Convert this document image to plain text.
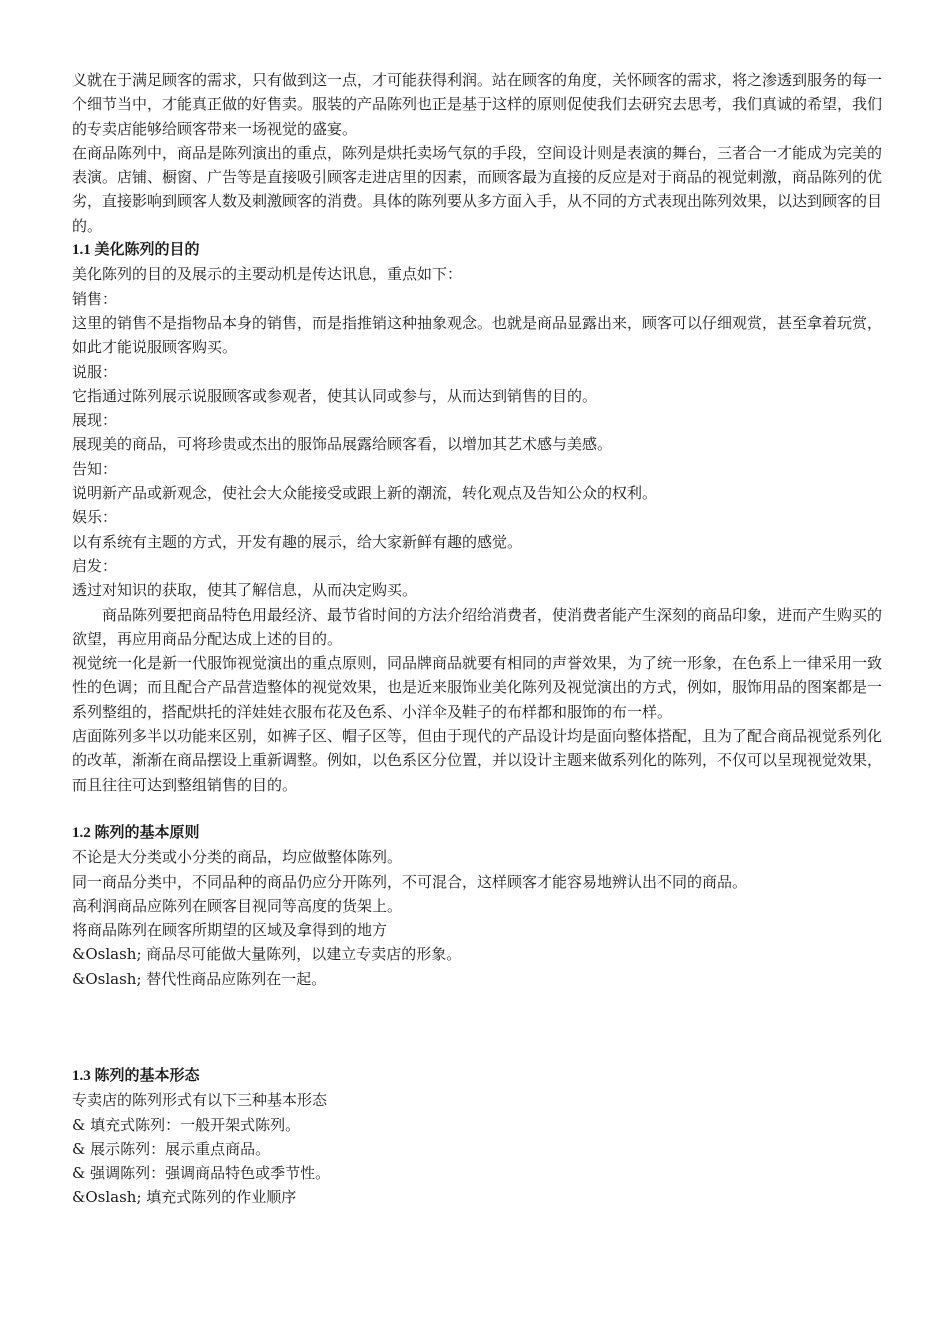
义就在于满足顾客的需求，只有做到这一点，才可能获得利润。站在顾客的角度，关怀顾客的需求，将之渗透到服务的每一个细节当中，才能真正做的好售卖。服装的产品陈列也正是基于这样的原则促使我们去研究去思考，我们真诚的希望，我们的专卖店能够给顾客带来一场视觉的盛宴。

在商品陈列中，商品是陈列演出的重点，陈列是烘托卖场气氛的手段，空间设计则是表演的舞台，三者合一才能成为完美的表演。店铺、橱窗、广告等是直接吸引顾客走进店里的因素，而顾客最为直接的反应是对于商品的视觉刺激，商品陈列的优劣，直接影响到顾客人数及刺激顾客的消费。具体的陈列要从多方面入手，从不同的方式表现出陈列效果，以达到顾客的目的。

1.1 美化陈列的目的

美化陈列的目的及展示的主要动机是传达讯息，重点如下：

销售：

这里的销售不是指物品本身的销售，而是指推销这种抽象观念。也就是商品显露出来，顾客可以仔细观赏，甚至拿着玩赏，如此才能说服顾客购买。

说服：

它指通过陈列展示说服顾客或参观者，使其认同或参与，从而达到销售的目的。

展现：

展现美的商品，可将珍贵或杰出的服饰品展露给顾客看，以增加其艺术感与美感。

告知：

说明新产品或新观念，使社会大众能接受或跟上新的潮流，转化观点及告知公众的权利。

娱乐：

以有系统有主题的方式，开发有趣的展示，给大家新鲜有趣的感觉。

启发：

透过对知识的获取，使其了解信息，从而决定购买。

商品陈列要把商品特色用最经济、最节省时间的方法介绍给消费者，使消费者能产生深刻的商品印象，进而产生购买的欲望，再应用商品分配达成上述的目的。

视觉统一化是新一代服饰视觉演出的重点原则，同品牌商品就要有相同的声誉效果，为了统一形象，在色系上一律采用一致性的色调；而且配合产品营造整体的视觉效果，也是近来服饰业美化陈列及视觉演出的方式，例如，服饰用品的图案都是一系列整组的，搭配烘托的洋娃娃衣服布花及色系、小洋伞及鞋子的布样都和服饰的布一样。

店面陈列多半以功能来区别，如裤子区、帽子区等，但由于现代的产品设计均是面向整体搭配，且为了配合商品视觉系列化的改革，渐渐在商品摆设上重新调整。例如，以色系区分位置，并以设计主题来做系列化的陈列，不仅可以呈现视觉效果，而且往往可达到整组销售的目的。

1.2 陈列的基本原则

不论是大分类或小分类的商品，均应做整体陈列。

同一商品分类中，不同品种的商品仍应分开陈列，不可混合，这样顾客才能容易地辨认出不同的商品。

高利润商品应陈列在顾客目视同等高度的货架上。

将商品陈列在顾客所期望的区域及拿得到的地方

&Oslash; 商品尽可能做大量陈列，以建立专卖店的形象。

&Oslash; 替代性商品应陈列在一起。

1.3 陈列的基本形态

专卖店的陈列形式有以下三种基本形态

& 填充式陈列：一般开架式陈列。

& 展示陈列：展示重点商品。

& 强调陈列：强调商品特色或季节性。

&Oslash; 填充式陈列的作业顺序
